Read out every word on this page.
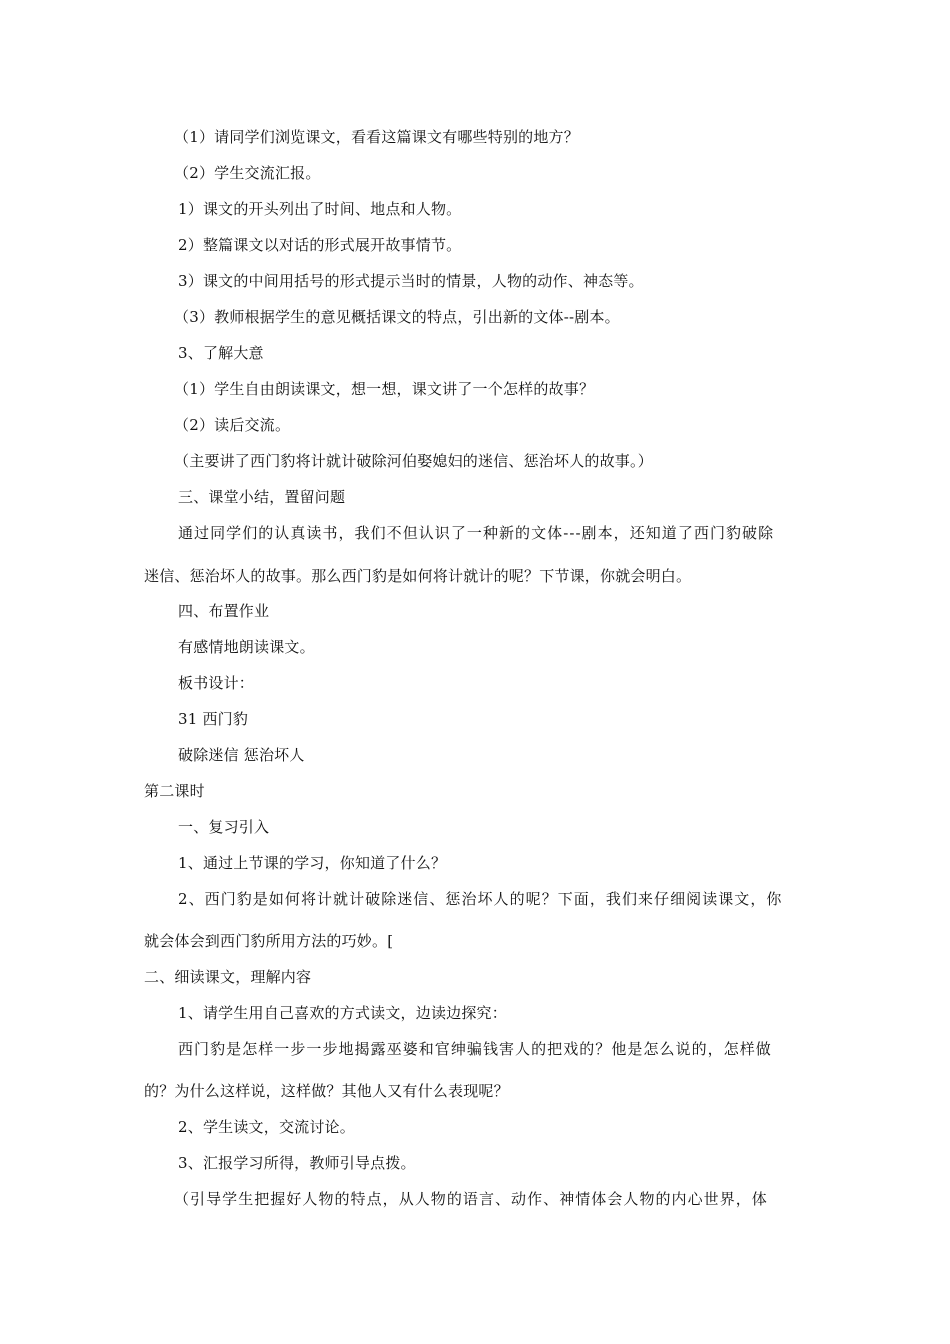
（1）请同学们浏览课文，看看这篇课文有哪些特别的地方？
（2）学生交流汇报。
1）课文的开头列出了时间、地点和人物。
2）整篇课文以对话的形式展开故事情节。
3）课文的中间用括号的形式提示当时的情景，人物的动作、神态等。
（3）教师根据学生的意见概括课文的特点，引出新的文体--剧本。
3、了解大意
（1）学生自由朗读课文，想一想，课文讲了一个怎样的故事？
（2）读后交流。
（主要讲了西门豹将计就计破除河伯娶媳妇的迷信、惩治坏人的故事。）
三、课堂小结，置留问题
通过同学们的认真读书，我们不但认识了一种新的文体---剧本，还知道了西门豹破除
迷信、惩治坏人的故事。那么西门豹是如何将计就计的呢？下节课，你就会明白。
四、布置作业
有感情地朗读课文。
板书设计：
31 西门豹
破除迷信 惩治坏人
第二课时
一、复习引入
1、通过上节课的学习，你知道了什么？
2、西门豹是如何将计就计破除迷信、惩治坏人的呢？下面，我们来仔细阅读课文，你
就会体会到西门豹所用方法的巧妙。[
二、细读课文，理解内容
1、请学生用自己喜欢的方式读文，边读边探究：
西门豹是怎样一步一步地揭露巫婆和官绅骗钱害人的把戏的？他是怎么说的，怎样做
的？为什么这样说，这样做？其他人又有什么表现呢？
2、学生读文，交流讨论。
3、汇报学习所得，教师引导点拨。
（引导学生把握好人物的特点，从人物的语言、动作、神情体会人物的内心世界，体
